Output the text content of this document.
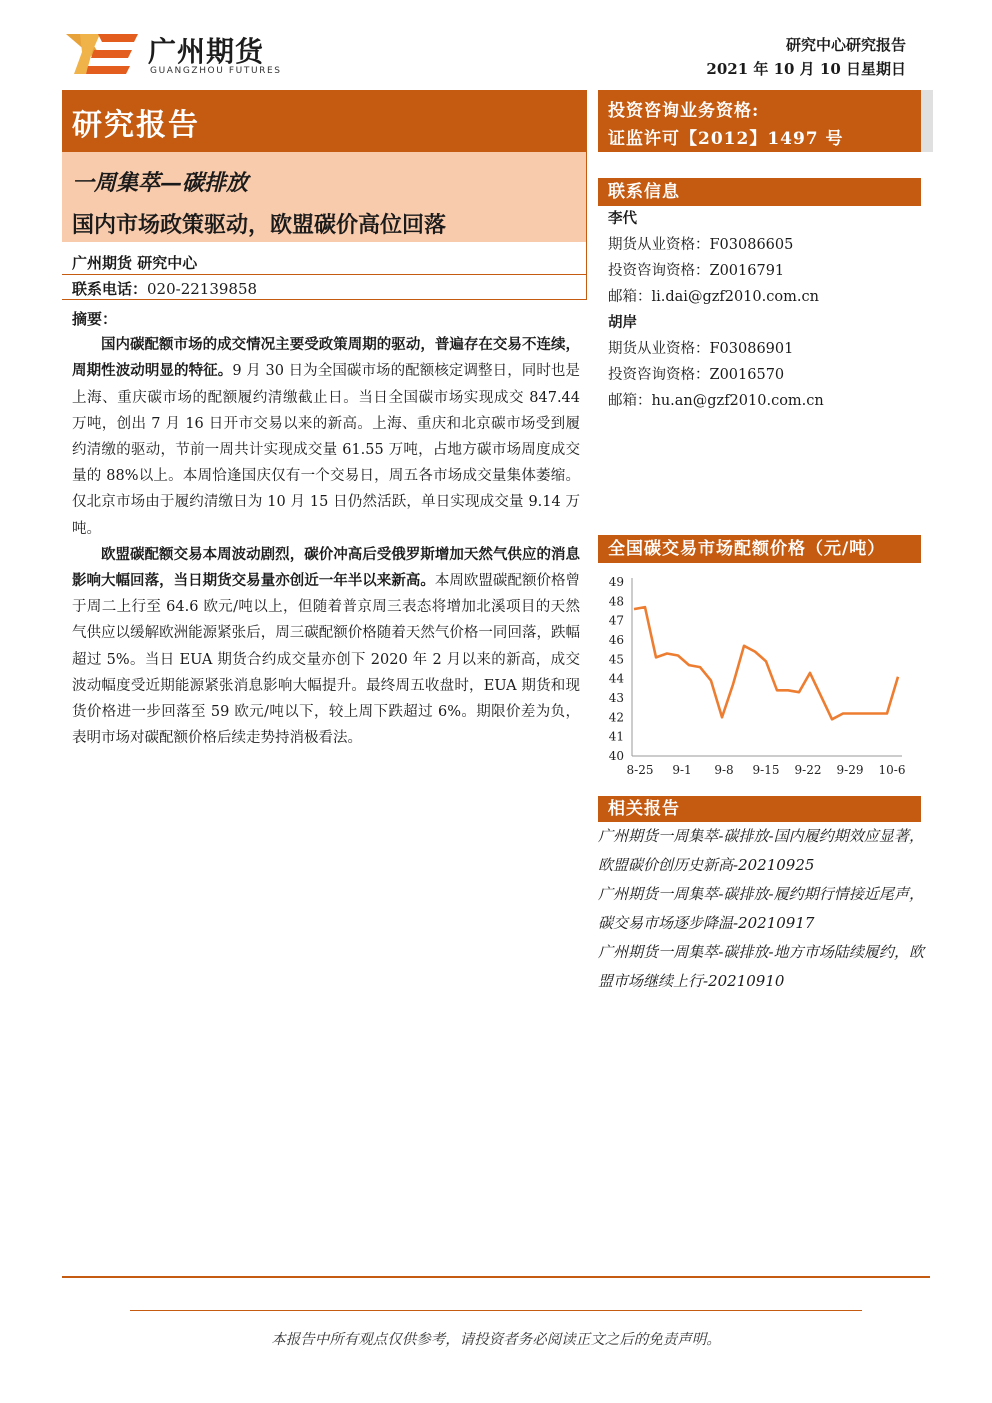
广州期货
GUANGZHOU FUTURES
研究中心研究报告
2021 年 10 月 10 日星期日
研究报告
一周集萃—碳排放
国内市场政策驱动，欧盟碳价高位回落
广州期货 研究中心
联系电话：020-22139858
摘要：

国内碳配额市场的成交情况主要受政策周期的驱动，普遍存在交易不连续，周期性波动明显的特征。9 月 30 日为全国碳市场的配额核定调整日，同时也是上海、重庆碳市场的配额履约清缴截止日。当日全国碳市场实现成交 847.44 万吨，创出 7 月 16 日开市交易以来的新高。上海、重庆和北京碳市场受到履约清缴的驱动，节前一周共计实现成交量 61.55 万吨，占地方碳市场周度成交量的 88%以上。本周恰逢国庆仅有一个交易日，周五各市场成交量集体萎缩。仅北京市场由于履约清缴日为 10 月 15 日仍然活跃，单日实现成交量 9.14 万吨。

欧盟碳配额交易本周波动剧烈，碳价冲高后受俄罗斯增加天然气供应的消息影响大幅回落，当日期货交易量亦创近一年半以来新高。本周欧盟碳配额价格曾于周二上行至 64.6 欧元/吨以上，但随着普京周三表态将增加北溪项目的天然气供应以缓解欧洲能源紧张后，周三碳配额价格随着天然气价格一同回落，跌幅超过 5%。当日 EUA 期货合约成交量亦创下 2020 年 2 月以来的新高，成交波动幅度受近期能源紧张消息影响大幅提升。最终周五收盘时，EUA 期货和现货价格进一步回落至 59 欧元/吨以下，较上周下跌超过 6%。期限价差为负，表明市场对碳配额价格后续走势持消极看法。

投资咨询业务资格:
证监许可【2012】1497 号
联系信息
李代
期货从业资格：F03086605
投资咨询资格：Z0016791
邮箱：li.dai@gzf2010.com.cn
胡岸
期货从业资格：F03086901
投资咨询资格：Z0016570
邮箱：hu.an@gzf2010.com.cn
全国碳交易市场配额价格（元/吨）
40
41
42
43
44
45
46
47
48
49
8-25 9-1 9-8 9-15 9-22 9-29 10-6
相关报告
广州期货一周集萃-碳排放-国内履约期效应显著，欧盟碳价创历史新高-20210925
广州期货一周集萃-碳排放-履约期行情接近尾声，碳交易市场逐步降温-20210917
广州期货一周集萃-碳排放-地方市场陆续履约，欧盟市场继续上行-20210910
本报告中所有观点仅供参考，请投资者务必阅读正文之后的免责声明。
